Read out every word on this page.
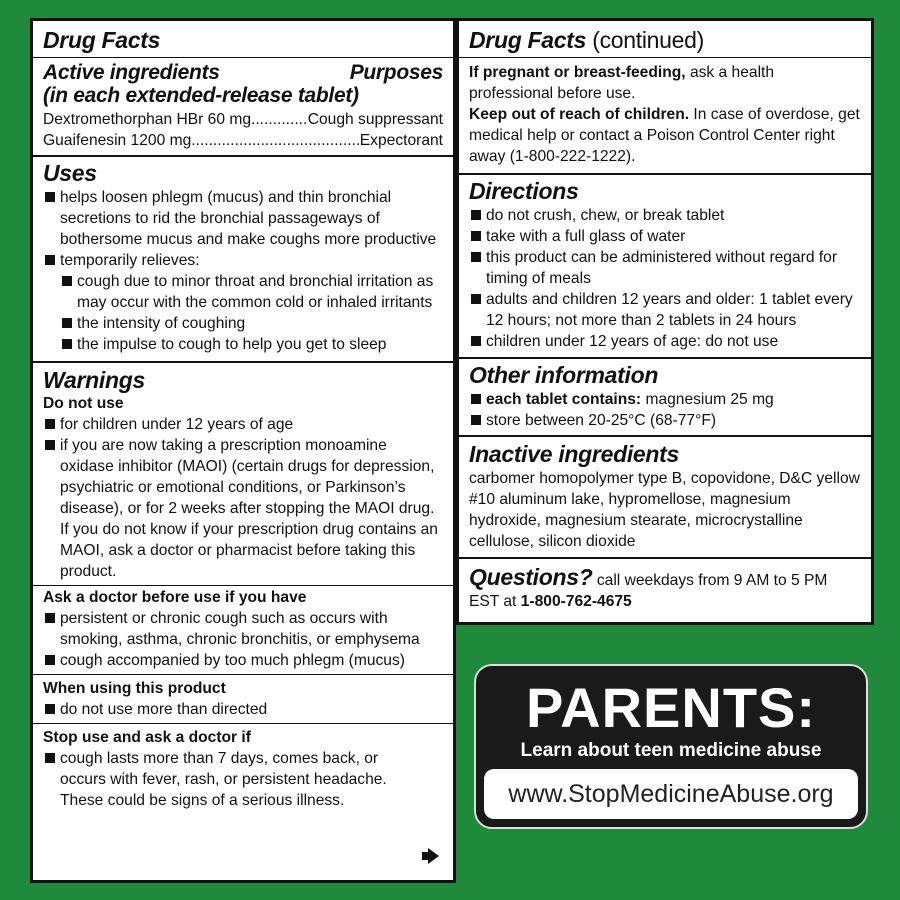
Drug Facts
Active ingredients	Purposes
(in each extended-release tablet)
Dextromethorphan HBr 60 mg .....	Cough suppressant
Guaifenesin 1200 mg .....	Expectorant
Uses
helps loosen phlegm (mucus) and thin bronchial secretions to rid the bronchial passageways of bothersome mucus and make coughs more productive
temporarily relieves:
cough due to minor throat and bronchial irritation as may occur with the common cold or inhaled irritants
the intensity of coughing
the impulse to cough to help you get to sleep
Warnings
Do not use
for children under 12 years of age
if you are now taking a prescription monoamine oxidase inhibitor (MAOI) (certain drugs for depression, psychiatric or emotional conditions, or Parkinson’s disease), or for 2 weeks after stopping the MAOI drug. If you do not know if your prescription drug contains an MAOI, ask a doctor or pharmacist before taking this product.
Ask a doctor before use if you have
persistent or chronic cough such as occurs with smoking, asthma, chronic bronchitis, or emphysema
cough accompanied by too much phlegm (mucus)
When using this product
do not use more than directed
Stop use and ask a doctor if
cough lasts more than 7 days, comes back, or occurs with fever, rash, or persistent headache. These could be signs of a serious illness.
Drug Facts (continued)
If pregnant or breast-feeding, ask a health professional before use.
Keep out of reach of children. In case of overdose, get medical help or contact a Poison Control Center right away (1-800-222-1222).
Directions
do not crush, chew, or break tablet
take with a full glass of water
this product can be administered without regard for timing of meals
adults and children 12 years and older: 1 tablet every 12 hours; not more than 2 tablets in 24 hours
children under 12 years of age: do not use
Other information
each tablet contains: magnesium 25 mg
store between 20-25°C (68-77°F)
Inactive ingredients
carbomer homopolymer type B, copovidone, D&C yellow #10 aluminum lake, hypromellose, magnesium hydroxide, magnesium stearate, microcrystalline cellulose, silicon dioxide
Questions? call weekdays from 9 AM to 5 PM EST at 1-800-762-4675
PARENTS:
Learn about teen medicine abuse
www.StopMedicineAbuse.org
